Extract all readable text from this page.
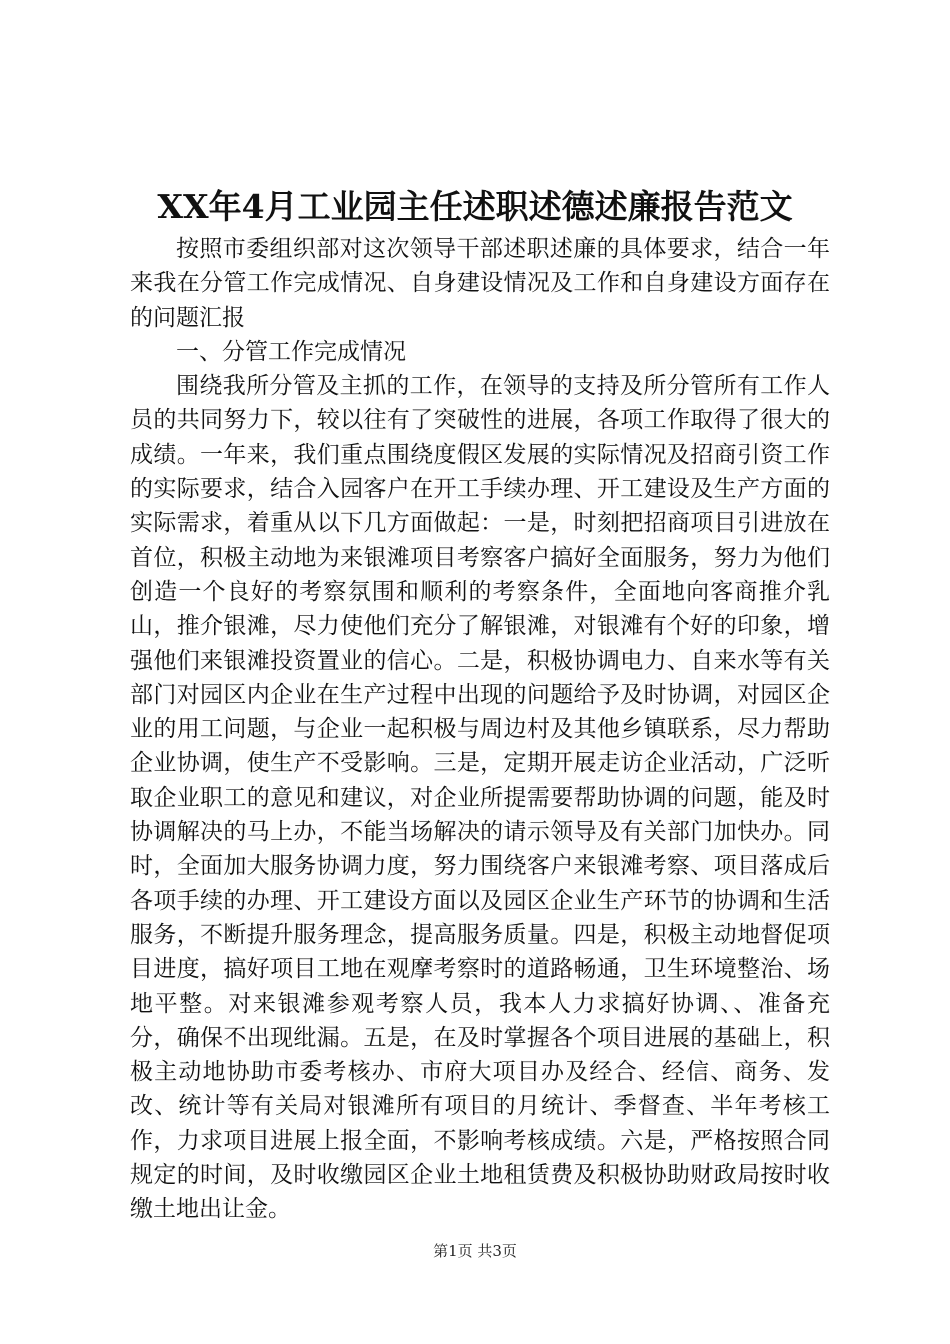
XX年4月工业园主任述职述德述廉报告范文

按照市委组织部对这次领导干部述职述廉的具体要求，结合一年来我在分管工作完成情况、自身建设情况及工作和自身建设方面存在的问题汇报

一、分管工作完成情况

围绕我所分管及主抓的工作，在领导的支持及所分管所有工作人员的共同努力下，较以往有了突破性的进展，各项工作取得了很大的成绩。一年来，我们重点围绕度假区发展的实际情况及招商引资工作的实际要求，结合入园客户在开工手续办理、开工建设及生产方面的实际需求，着重从以下几方面做起：一是，时刻把招商项目引进放在首位，积极主动地为来银滩项目考察客户搞好全面服务，努力为他们创造一个良好的考察氛围和顺利的考察条件，全面地向客商推介乳山，推介银滩，尽力使他们充分了解银滩，对银滩有个好的印象，增强他们来银滩投资置业的信心。二是，积极协调电力、自来水等有关部门对园区内企业在生产过程中出现的问题给予及时协调，对园区企业的用工问题，与企业一起积极与周边村及其他乡镇联系，尽力帮助企业协调，使生产不受影响。三是，定期开展走访企业活动，广泛听取企业职工的意见和建议，对企业所提需要帮助协调的问题，能及时协调解决的马上办，不能当场解决的请示领导及有关部门加快办。同时，全面加大服务协调力度，努力围绕客户来银滩考察、项目落成后各项手续的办理、开工建设方面以及园区企业生产环节的协调和生活服务，不断提升服务理念，提高服务质量。四是，积极主动地督促项目进度，搞好项目工地在观摩考察时的道路畅通，卫生环境整治、场地平整。对来银滩参观考察人员，我本人力求搞好协调、、准备充分，确保不出现纰漏。五是，在及时掌握各个项目进展的基础上，积极主动地协助市委考核办、市府大项目办及经合、经信、商务、发改、统计等有关局对银滩所有项目的月统计、季督查、半年考核工作，力求项目进展上报全面，不影响考核成绩。六是，严格按照合同规定的时间，及时收缴园区企业土地租赁费及积极协助财政局按时收缴土地出让金。

第1页 共3页
